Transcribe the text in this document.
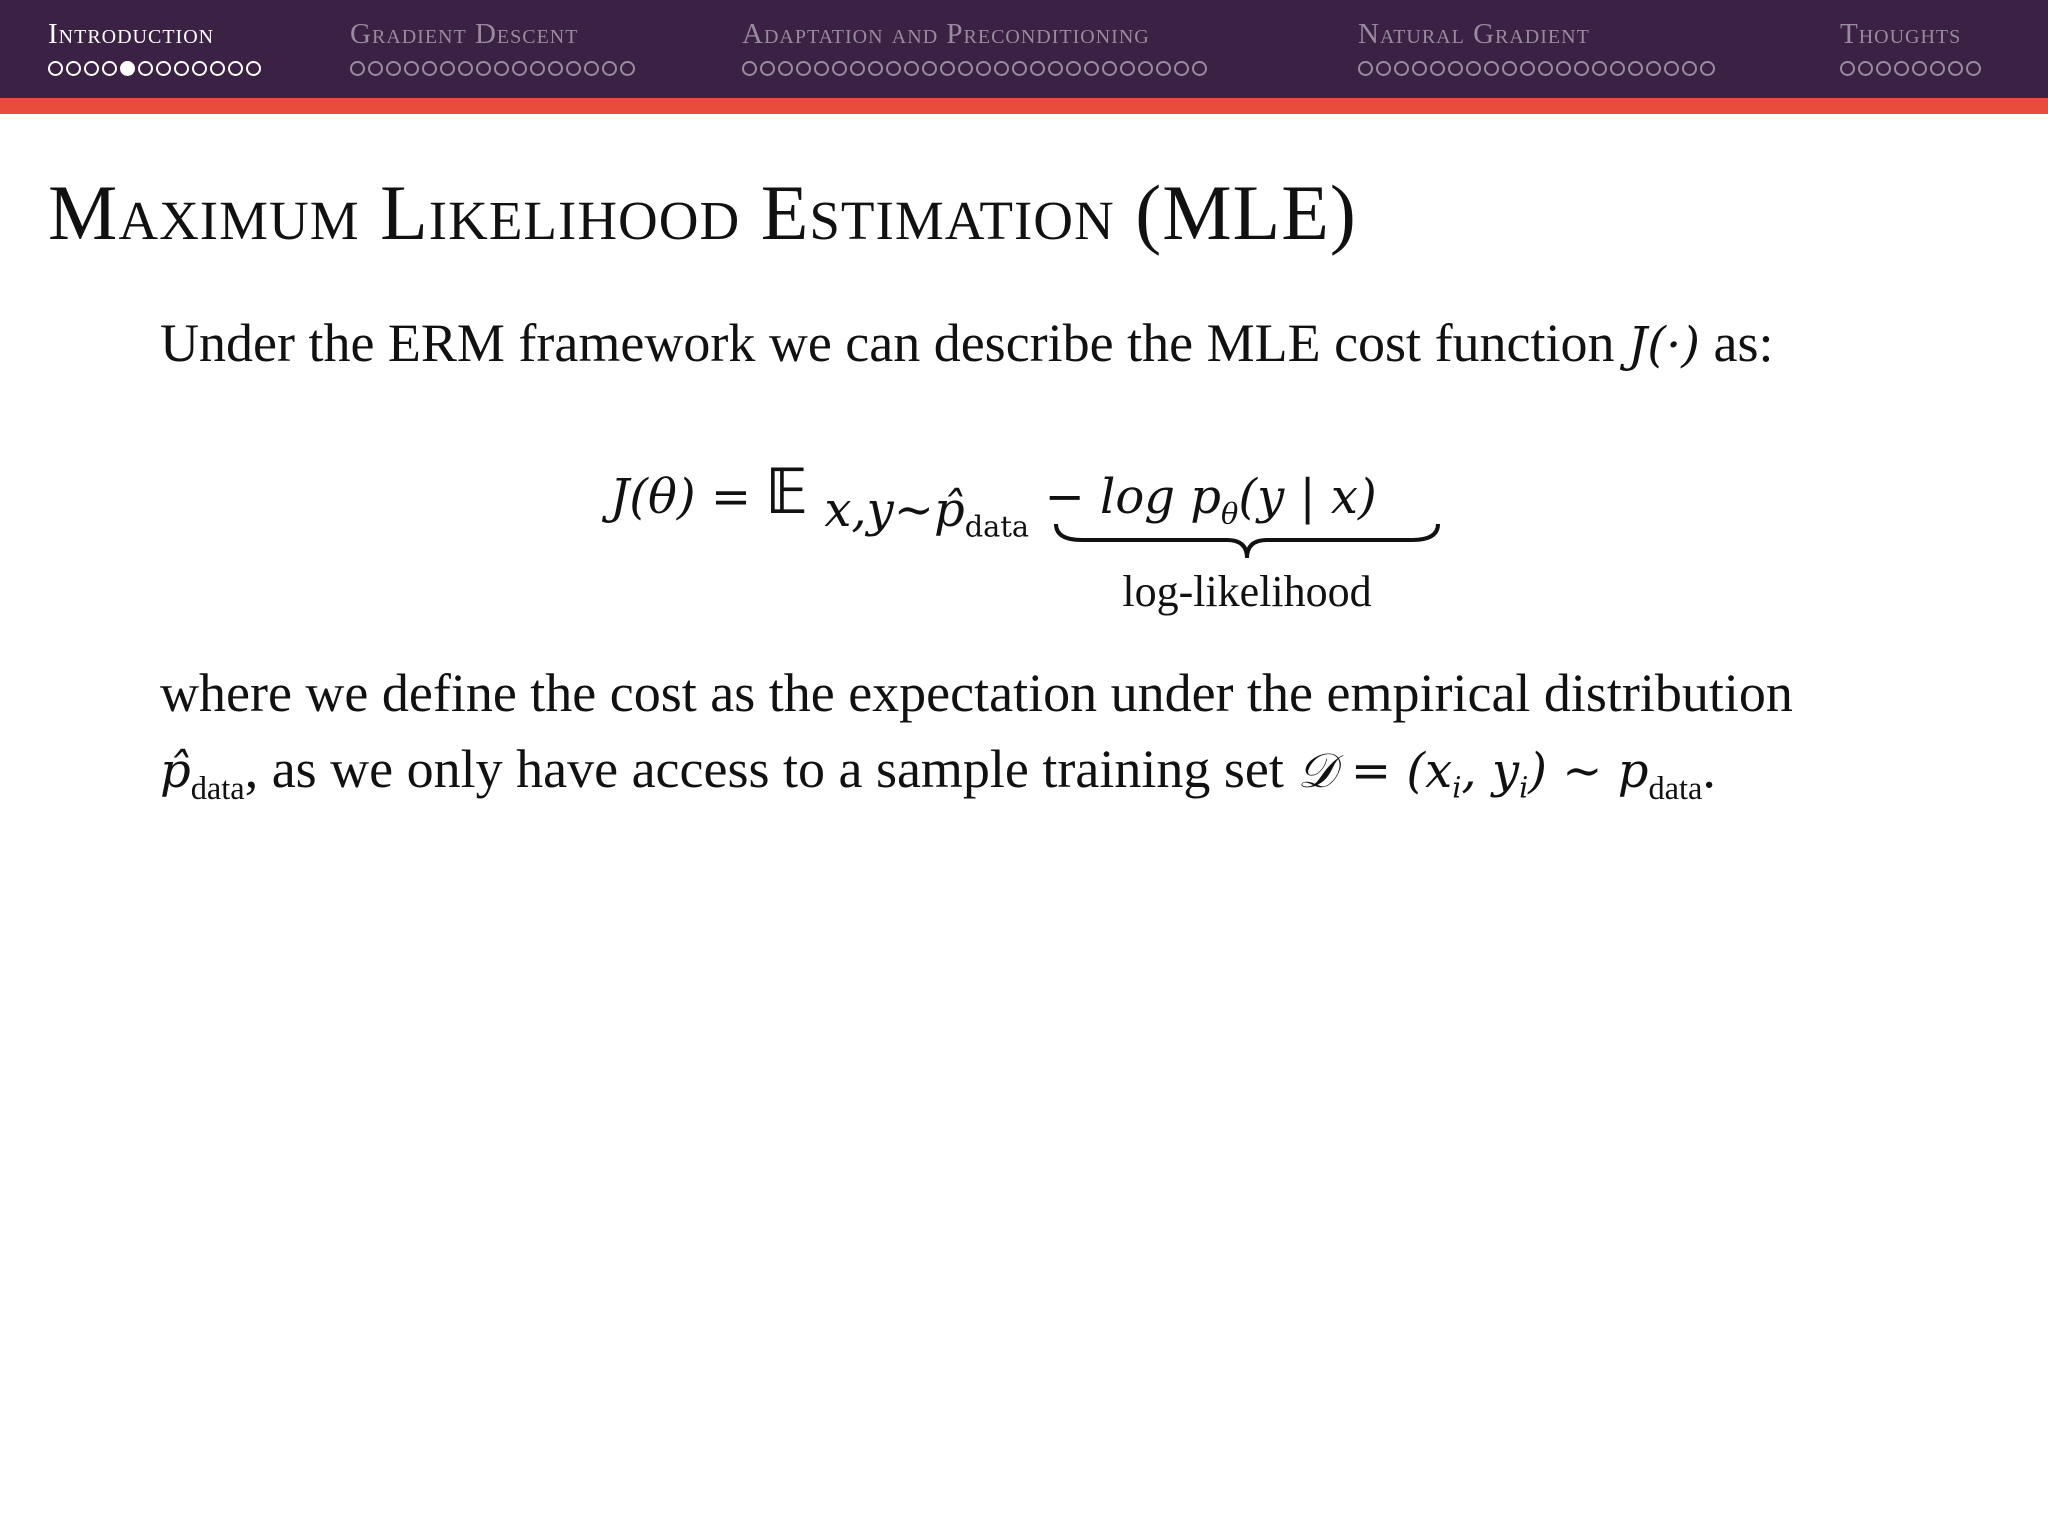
Introduction	Gradient Descent	Adaptation and Preconditioning	Natural Gradient	Thoughts
Maximum Likelihood Estimation (MLE)
Under the ERM framework we can describe the MLE cost function J(·) as:
J(θ) = 𝔼 $_{x,y\sim p̂_{data}} - \log p_\theta(y$ | x)
log-likelihood
where we define the cost as the expectation under the empirical distribution
$p̂_{data}$, as we only have access to a sample training set 𝒟 = ($x_i$, $y_i$) ∼ $p_{data}$.
